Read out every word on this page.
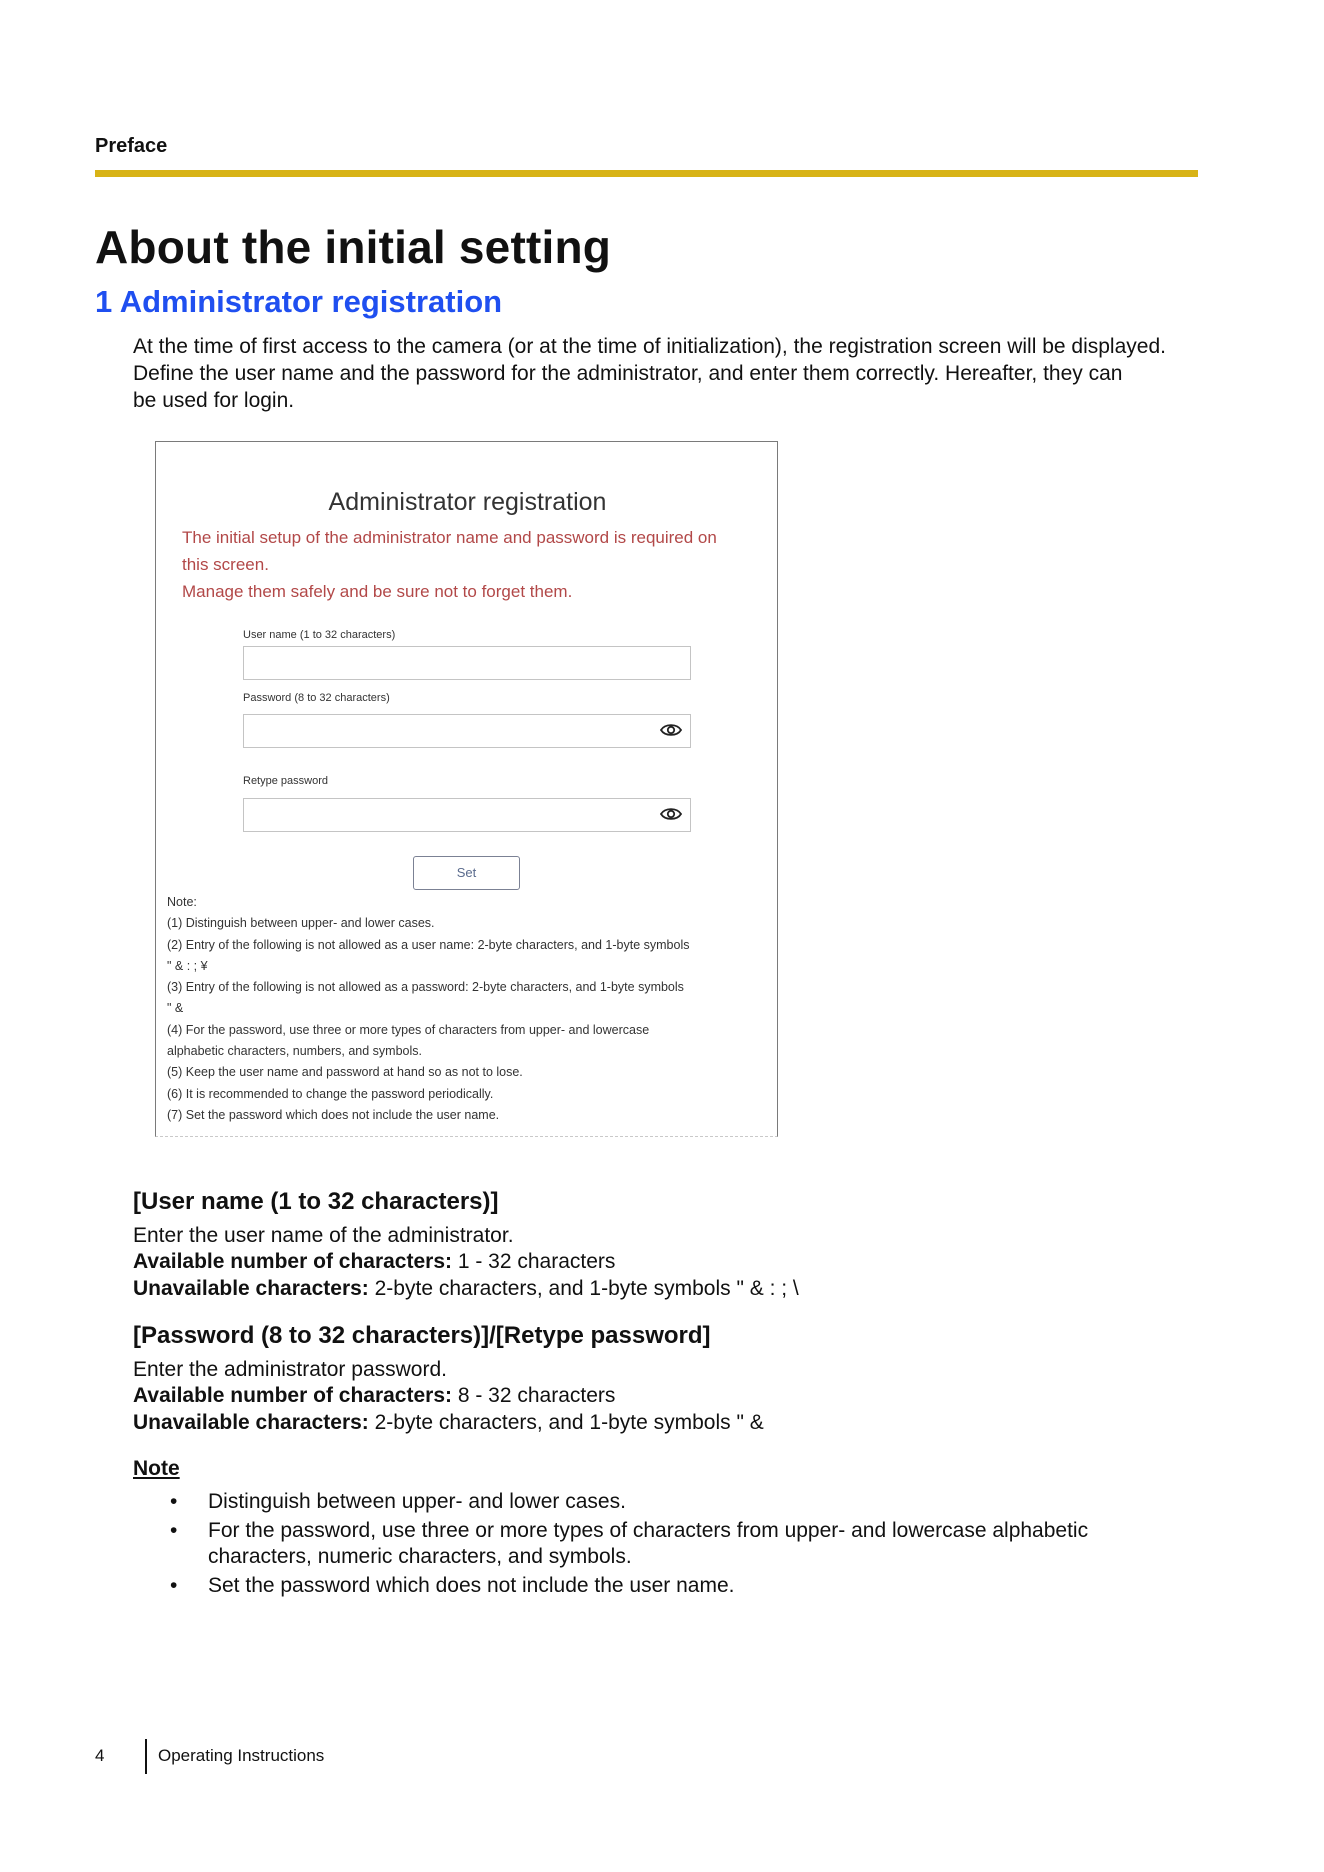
Preface
About the initial setting
1 Administrator registration
At the time of first access to the camera (or at the time of initialization), the registration screen will be displayed.
Define the user name and the password for the administrator, and enter them correctly. Hereafter, they can
be used for login.
Administrator registration
The initial setup of the administrator name and password is required on
this screen.
Manage them safely and be sure not to forget them.
User name (1 to 32 characters)
Password (8 to 32 characters)
Retype password
Set
Note:
(1) Distinguish between upper- and lower cases.
(2) Entry of the following is not allowed as a user name: 2-byte characters, and 1-byte symbols
" & : ; ¥
(3) Entry of the following is not allowed as a password: 2-byte characters, and 1-byte symbols
" &
(4) For the password, use three or more types of characters from upper- and lowercase
alphabetic characters, numbers, and symbols.
(5) Keep the user name and password at hand so as not to lose.
(6) It is recommended to change the password periodically.
(7) Set the password which does not include the user name.
[User name (1 to 32 characters)]
Enter the user name of the administrator.
Available number of characters: 1 - 32 characters
Unavailable characters: 2-byte characters, and 1-byte symbols " & : ; \
[Password (8 to 32 characters)]/[Retype password]
Enter the administrator password.
Available number of characters: 8 - 32 characters
Unavailable characters: 2-byte characters, and 1-byte symbols " &
Note
• Distinguish between upper- and lower cases.
• For the password, use three or more types of characters from upper- and lowercase alphabetic characters, numeric characters, and symbols.
• Set the password which does not include the user name.
4	Operating Instructions
